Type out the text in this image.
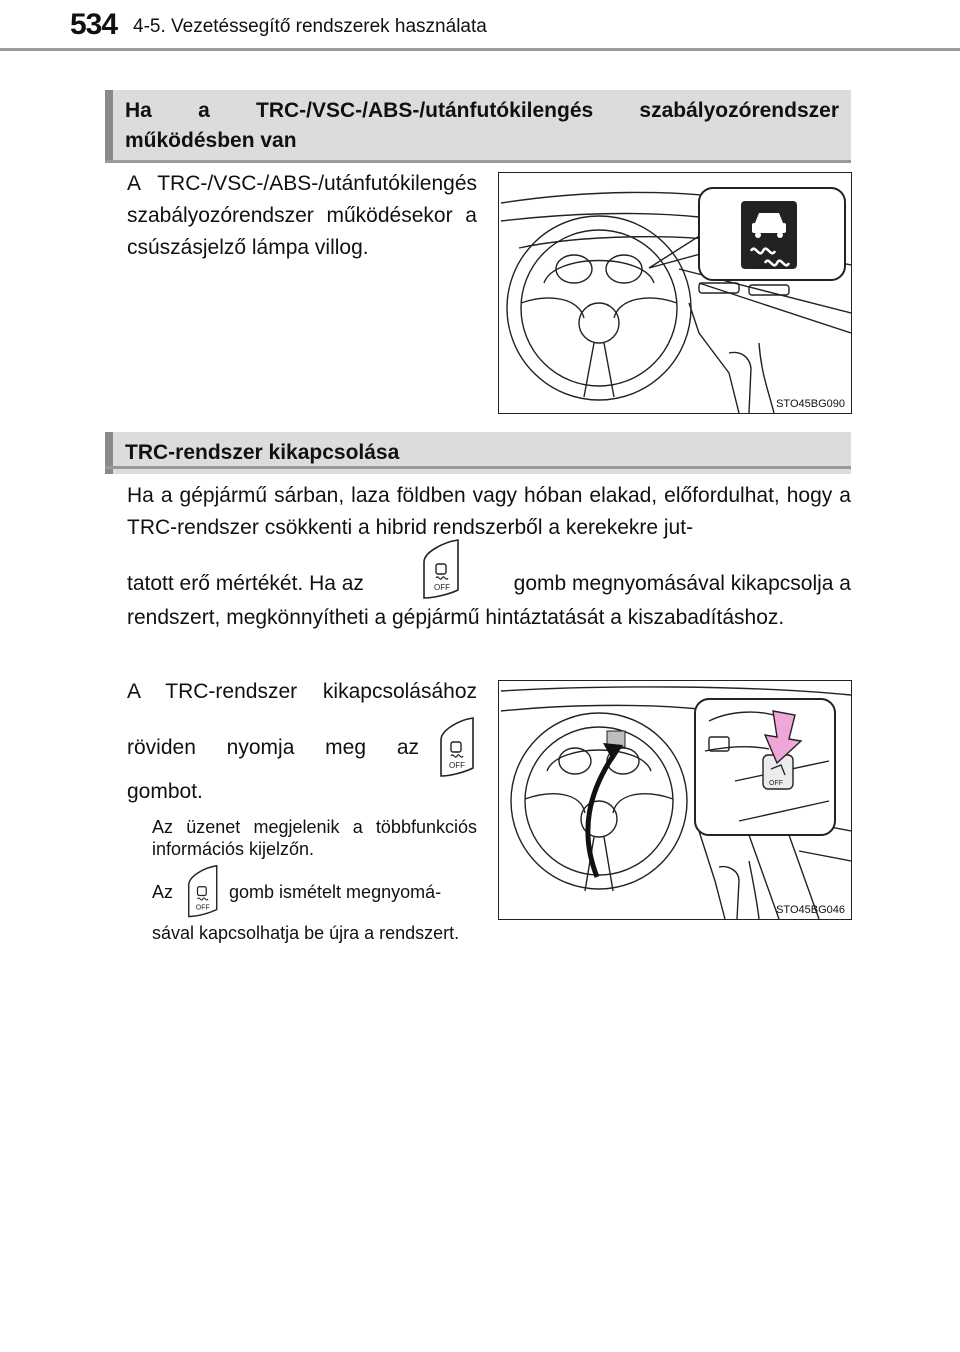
534 4-5. Vezetéssegítő rendszerek használata
Ha a TRC-/VSC-/ABS-/utánfutókilengés szabályozórendszer működésben van
A TRC-/VSC-/ABS-/utánfutókilengés szabályozórendszer működésekor a csúszásjelző lámpa villog.
STO45BG090
TRC-rendszer kikapcsolása
Ha a gépjármű sárban, laza földben vagy hóban elakad, előfordulhat, hogy a TRC-rendszer csökkenti a hibrid rendszerből a kerekekre jut-
tatott erő mértékét. Ha az	OFF	gomb megnyomásával kikapcsolja a
rendszert, megkönnyítheti a gépjármű hintáztatását a kiszabadításhoz.
A TRC-rendszer kikapcsolásához
röviden nyomja meg az
OFF
gombot.
Az üzenet megjelenik a többfunkciós információs kijelzőn.
Az
OFF
gomb ismételt megnyomá-
sával kapcsolhatja be újra a rendszert.
OFF
STO45BG046
